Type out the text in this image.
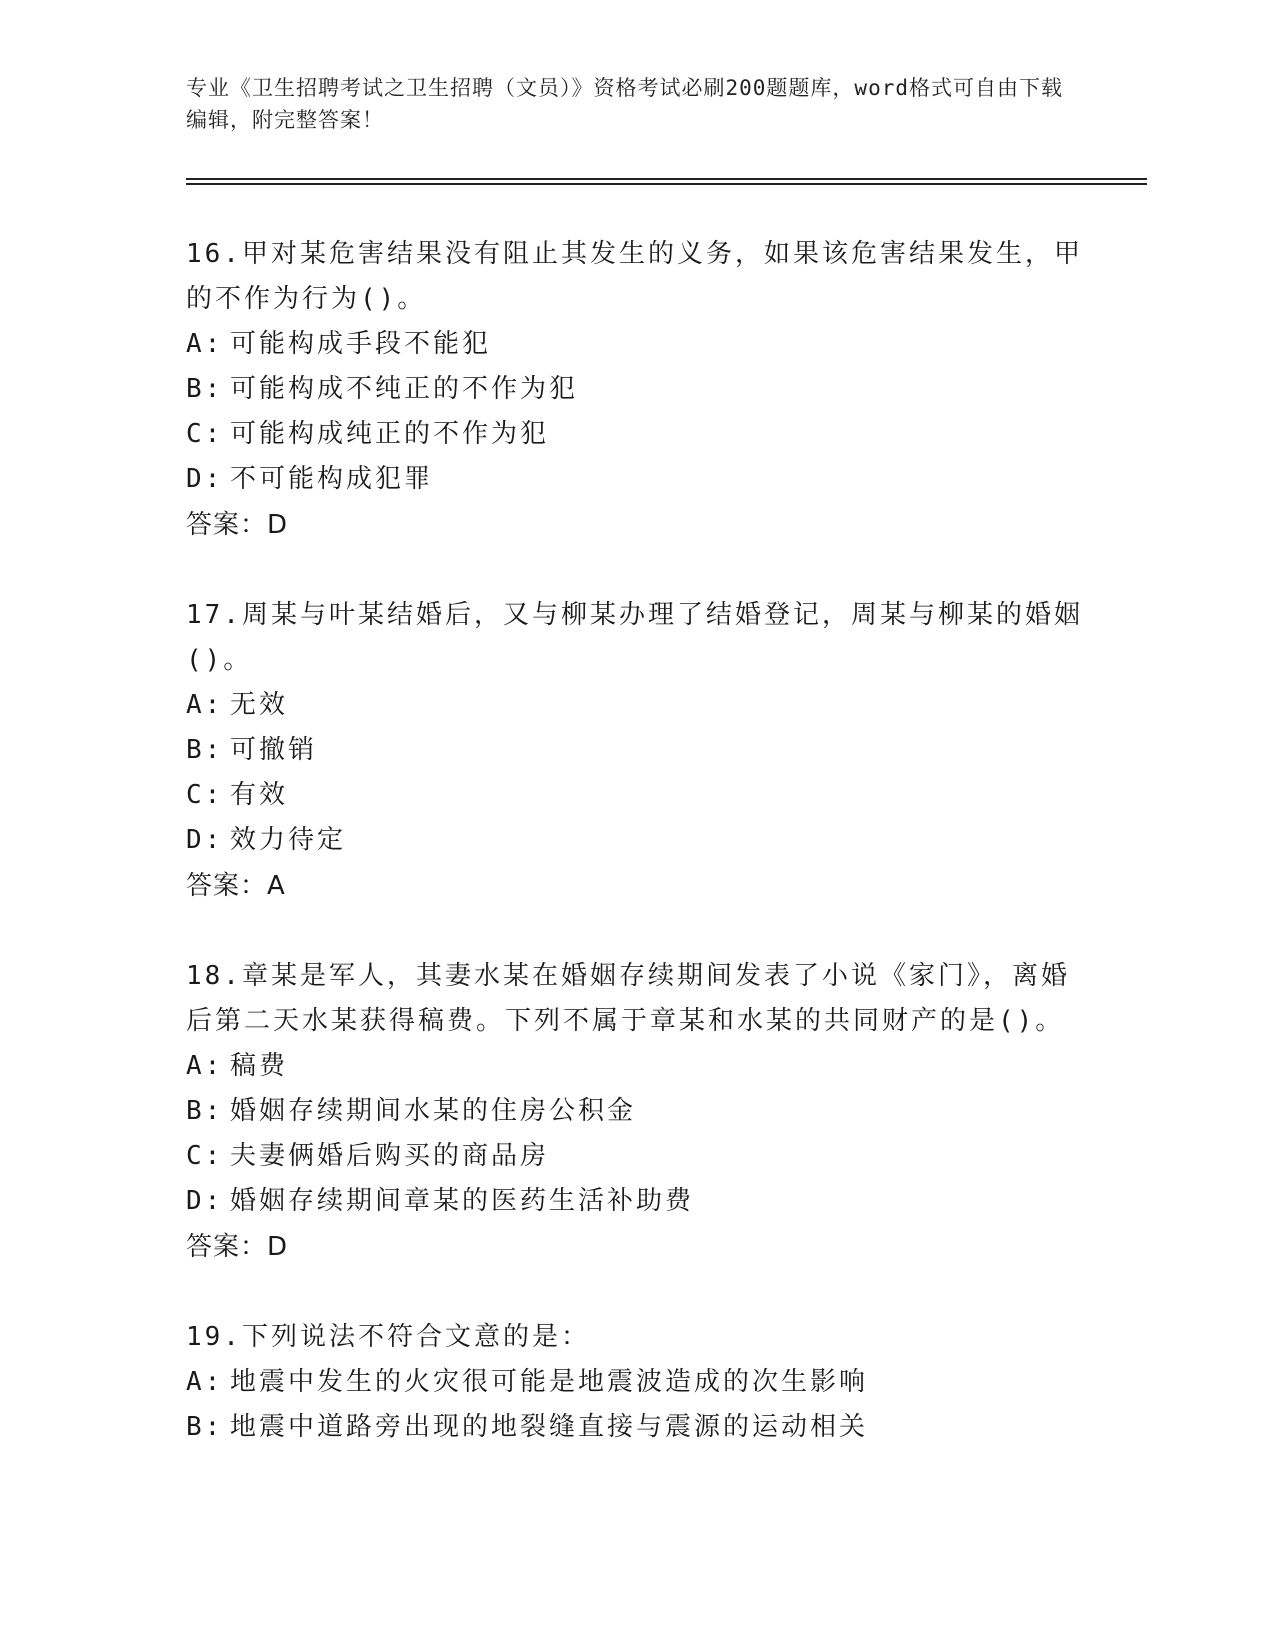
专业《卫生招聘考试之卫生招聘（文员）》资格考试必刷200题题库，word格式可自由下载编辑，附完整答案！

16.甲对某危害结果没有阻止其发生的义务，如果该危害结果发生，甲的不作为行为()。

A: 可能构成手段不能犯

B: 可能构成不纯正的不作为犯

C: 可能构成纯正的不作为犯

D: 不可能构成犯罪

答案：D

17.周某与叶某结婚后，又与柳某办理了结婚登记，周某与柳某的婚姻()。

A: 无效

B: 可撤销

C: 有效

D: 效力待定

答案：A

18.章某是军人，其妻水某在婚姻存续期间发表了小说《家门》，离婚后第二天水某获得稿费。下列不属于章某和水某的共同财产的是()。

A: 稿费

B: 婚姻存续期间水某的住房公积金

C: 夫妻俩婚后购买的商品房

D: 婚姻存续期间章某的医药生活补助费

答案：D

19.下列说法不符合文意的是：

A: 地震中发生的火灾很可能是地震波造成的次生影响

B: 地震中道路旁出现的地裂缝直接与震源的运动相关
